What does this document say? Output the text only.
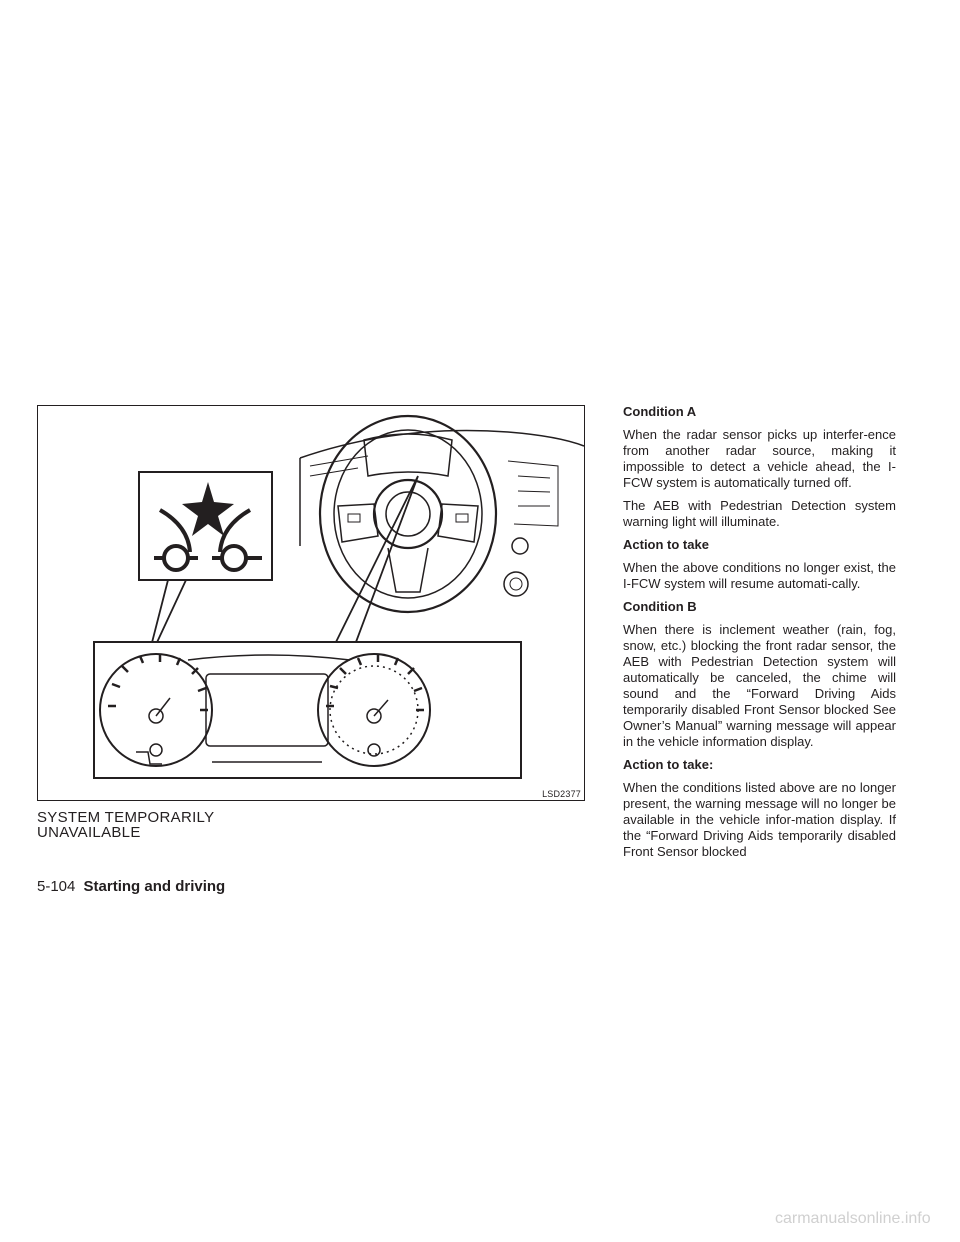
LSD2377
SYSTEM TEMPORARILY
UNAVAILABLE
Condition A
When the radar sensor picks up interfer-ence from another radar source, making it impossible to detect a vehicle ahead, the I-FCW system is automatically turned off.
The AEB with Pedestrian Detection system warning light will illuminate.
Action to take
When the above conditions no longer exist, the I-FCW system will resume automati-cally.
Condition B
When there is inclement weather (rain, fog, snow, etc.) blocking the front radar sensor, the AEB with Pedestrian Detection system will automatically be canceled, the chime will sound and the “Forward Driving Aids temporarily disabled Front Sensor blocked See Owner’s Manual” warning message will appear in the vehicle information display.
Action to take:
When the conditions listed above are no longer present, the warning message will no longer be available in the vehicle infor-mation display. If the “Forward Driving Aids temporarily disabled Front Sensor blocked
5-104 Starting and driving
carmanualsonline.info
